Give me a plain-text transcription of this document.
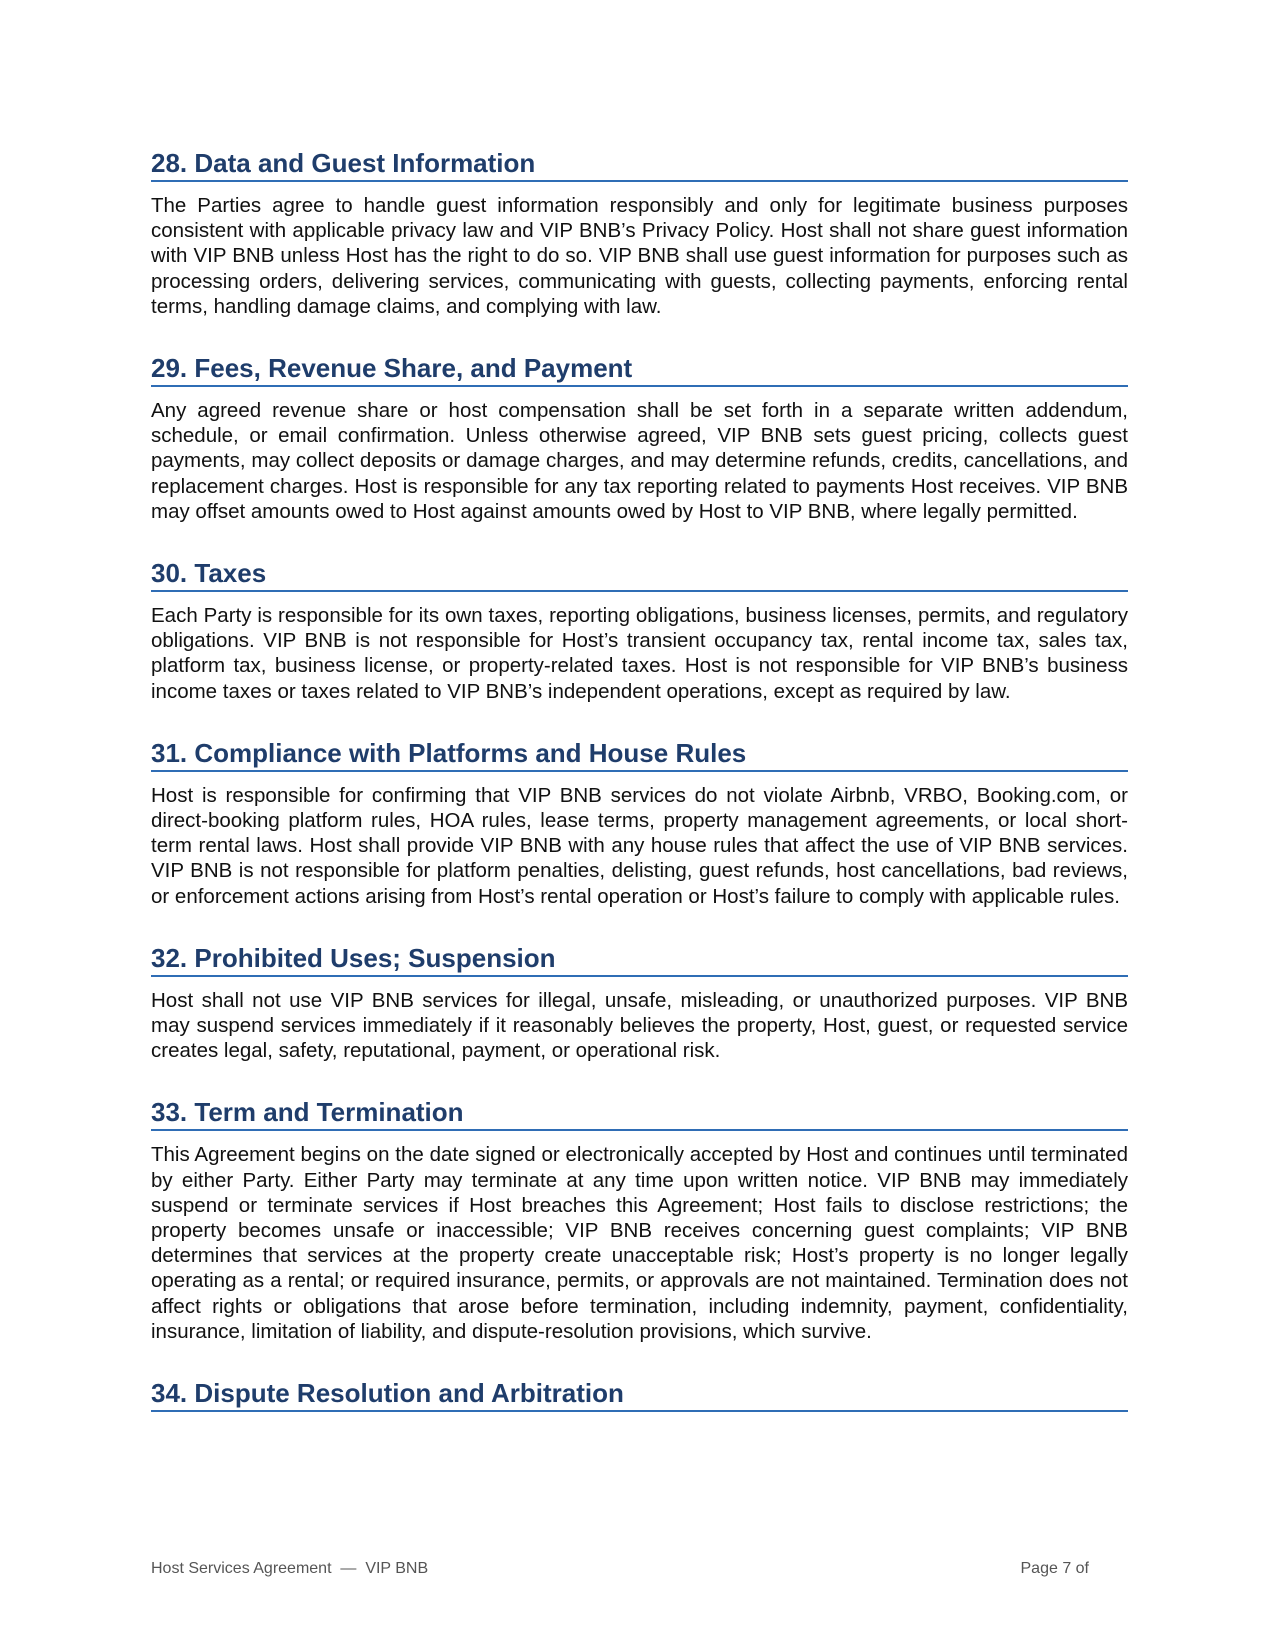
28. Data and Guest Information

The Parties agree to handle guest information responsibly and only for legitimate business purposes consistent with applicable privacy law and VIP BNB’s Privacy Policy. Host shall not share guest information with VIP BNB unless Host has the right to do so. VIP BNB shall use guest information for purposes such as processing orders, delivering services, communicating with guests, collecting payments, enforcing rental terms, handling damage claims, and complying with law.

29. Fees, Revenue Share, and Payment

Any agreed revenue share or host compensation shall be set forth in a separate written addendum, schedule, or email confirmation. Unless otherwise agreed, VIP BNB sets guest pricing, collects guest payments, may collect deposits or damage charges, and may determine refunds, credits, cancellations, and replacement charges. Host is responsible for any tax reporting related to payments Host receives. VIP BNB may offset amounts owed to Host against amounts owed by Host to VIP BNB, where legally permitted.

30. Taxes

Each Party is responsible for its own taxes, reporting obligations, business licenses, permits, and regulatory obligations. VIP BNB is not responsible for Host’s transient occupancy tax, rental income tax, sales tax, platform tax, business license, or property-related taxes. Host is not responsible for VIP BNB’s business income taxes or taxes related to VIP BNB’s independent operations, except as required by law.

31. Compliance with Platforms and House Rules

Host is responsible for confirming that VIP BNB services do not violate Airbnb, VRBO, Booking.com, or direct-booking platform rules, HOA rules, lease terms, property management agreements, or local short-term rental laws. Host shall provide VIP BNB with any house rules that affect the use of VIP BNB services. VIP BNB is not responsible for platform penalties, delisting, guest refunds, host cancellations, bad reviews, or enforcement actions arising from Host’s rental operation or Host’s failure to comply with applicable rules.

32. Prohibited Uses; Suspension

Host shall not use VIP BNB services for illegal, unsafe, misleading, or unauthorized purposes. VIP BNB may suspend services immediately if it reasonably believes the property, Host, guest, or requested service creates legal, safety, reputational, payment, or operational risk.

33. Term and Termination

This Agreement begins on the date signed or electronically accepted by Host and continues until terminated by either Party. Either Party may terminate at any time upon written notice. VIP BNB may immediately suspend or terminate services if Host breaches this Agreement; Host fails to disclose restrictions; the property becomes unsafe or inaccessible; VIP BNB receives concerning guest complaints; VIP BNB determines that services at the property create unacceptable risk; Host’s property is no longer legally operating as a rental; or required insurance, permits, or approvals are not maintained. Termination does not affect rights or obligations that arose before termination, including indemnity, payment, confidentiality, insurance, limitation of liability, and dispute-resolution provisions, which survive.

34. Dispute Resolution and Arbitration
Host Services Agreement — VIP BNB	Page 7 of
